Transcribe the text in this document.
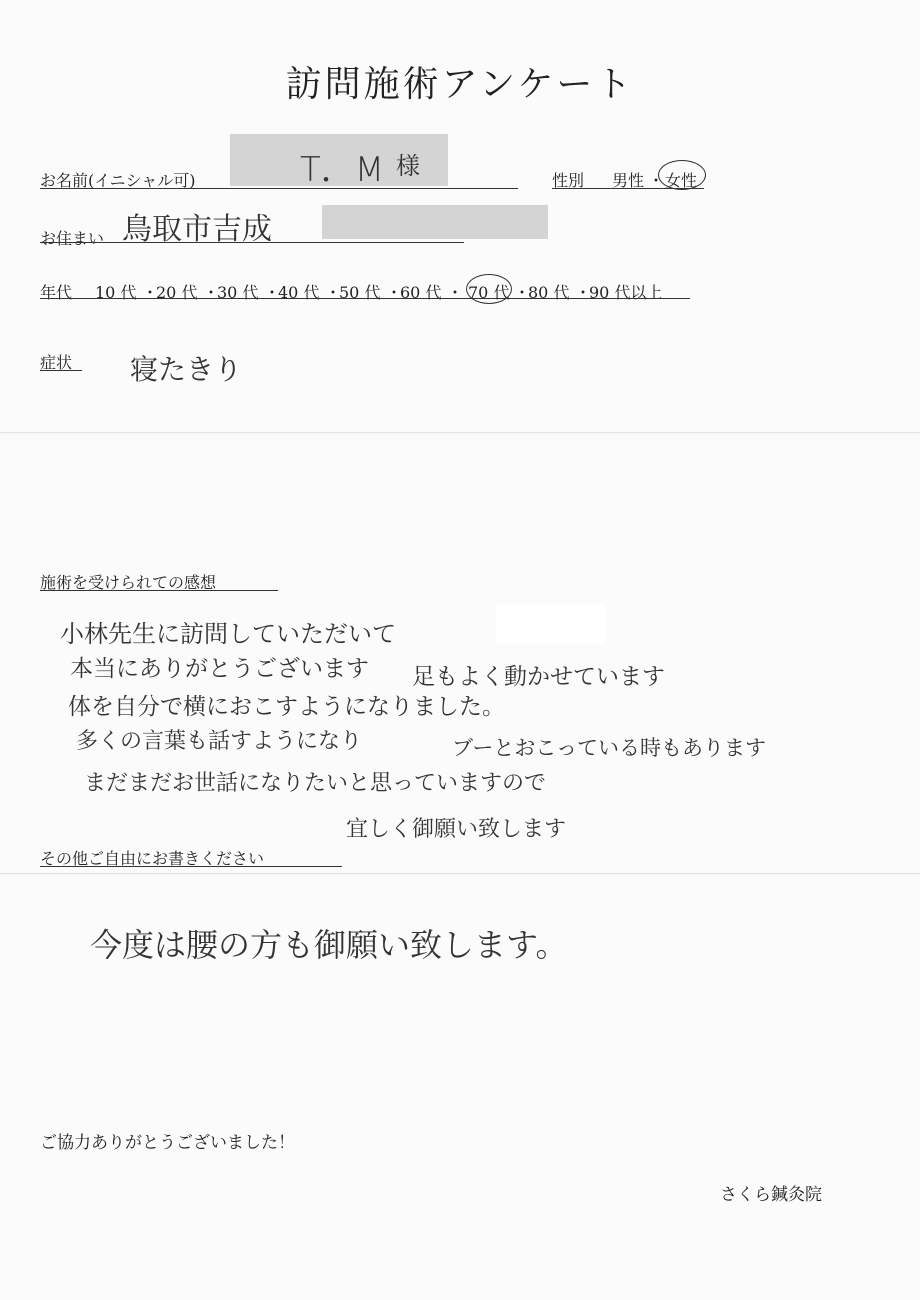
訪問施術アンケート
お名前(イニシャル可)	T．M 様
性別 男性 ・ 女性
お住まい 鳥取市吉成
年代 10 代 ・
20 代 ・
30 代 ・
40 代 ・
50 代 ・
60 代 ・ 70 代 ・
80 代 ・
90 代以上
症状 寝たきり
施術を受けられての感想
小林先生に訪問していただいて
本当にありがとうございます 足もよく動かせています
体を自分で横におこすようになりました。
多くの言葉も話すようになり	ブーとおこっている時もあります
まだまだお世話になりたいと思っていますので
宜しく御願い致します
その他ご自由にお書きください
今度は腰の方も御願い致します。
ご協力ありがとうございました！
さくら鍼灸院
